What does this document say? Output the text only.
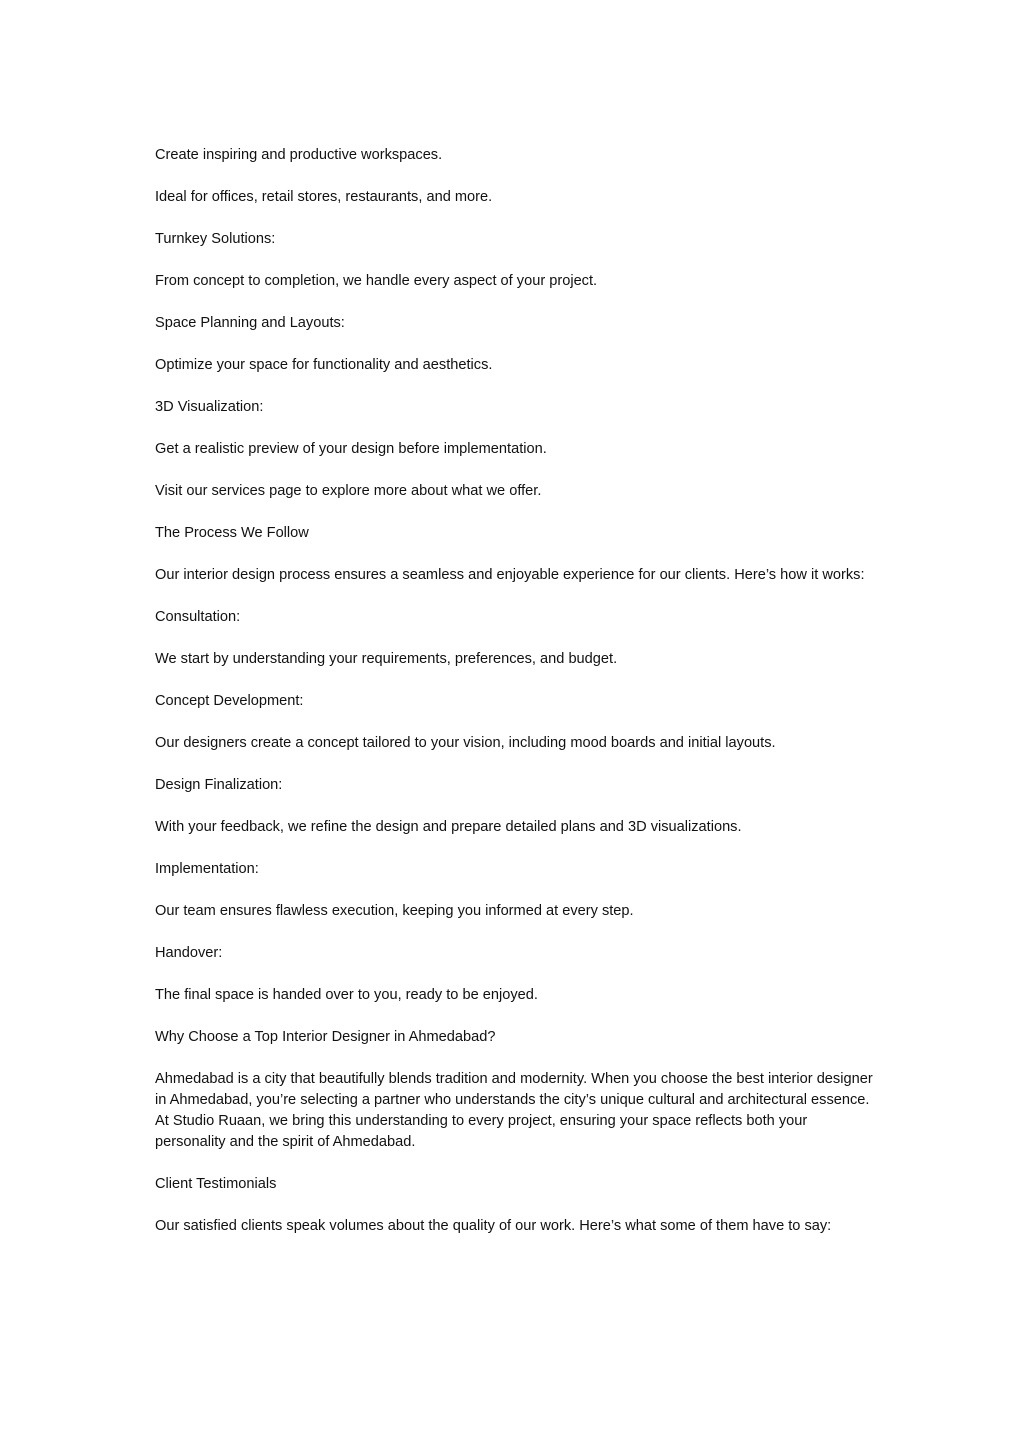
Create inspiring and productive workspaces.

Ideal for offices, retail stores, restaurants, and more.

Turnkey Solutions:

From concept to completion, we handle every aspect of your project.

Space Planning and Layouts:

Optimize your space for functionality and aesthetics.

3D Visualization:

Get a realistic preview of your design before implementation.

Visit our services page to explore more about what we offer.

The Process We Follow

Our interior design process ensures a seamless and enjoyable experience for our clients. Here’s how it works:

Consultation:

We start by understanding your requirements, preferences, and budget.

Concept Development:

Our designers create a concept tailored to your vision, including mood boards and initial layouts.

Design Finalization:

With your feedback, we refine the design and prepare detailed plans and 3D visualizations.

Implementation:

Our team ensures flawless execution, keeping you informed at every step.

Handover:

The final space is handed over to you, ready to be enjoyed.

Why Choose a Top Interior Designer in Ahmedabad?

Ahmedabad is a city that beautifully blends tradition and modernity. When you choose the best interior designer in Ahmedabad, you’re selecting a partner who understands the city’s unique cultural and architectural essence. At Studio Ruaan, we bring this understanding to every project, ensuring your space reflects both your personality and the spirit of Ahmedabad.

Client Testimonials

Our satisfied clients speak volumes about the quality of our work. Here’s what some of them have to say:
